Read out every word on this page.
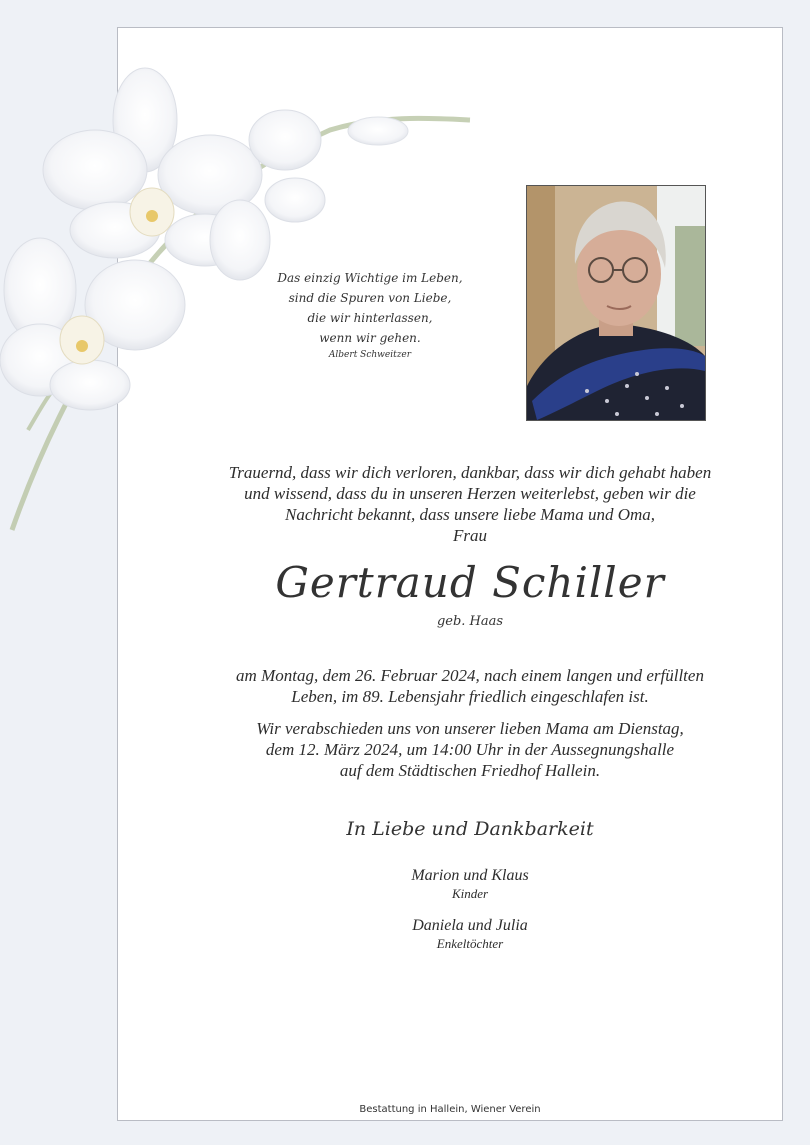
Das einzig Wichtige im Leben,
sind die Spuren von Liebe,
die wir hinterlassen,
wenn wir gehen.
Albert Schweitzer
Trauernd, dass wir dich verloren, dankbar, dass wir dich gehabt haben
und wissend, dass du in unseren Herzen weiterlebst, geben wir die
Nachricht bekannt, dass unsere liebe Mama und Oma,
Frau
Gertraud Schiller
geb. Haas
am Montag, dem 26. Februar 2024, nach einem langen und erfüllten
Leben, im 89. Lebensjahr friedlich eingeschlafen ist.
Wir verabschieden uns von unserer lieben Mama am Dienstag,
dem 12. März 2024, um 14:00 Uhr in der Aussegnungshalle
auf dem Städtischen Friedhof Hallein.
In Liebe und Dankbarkeit
Marion und Klaus
Kinder
Daniela und Julia
Enkeltöchter
Bestattung in Hallein, Wiener Verein
